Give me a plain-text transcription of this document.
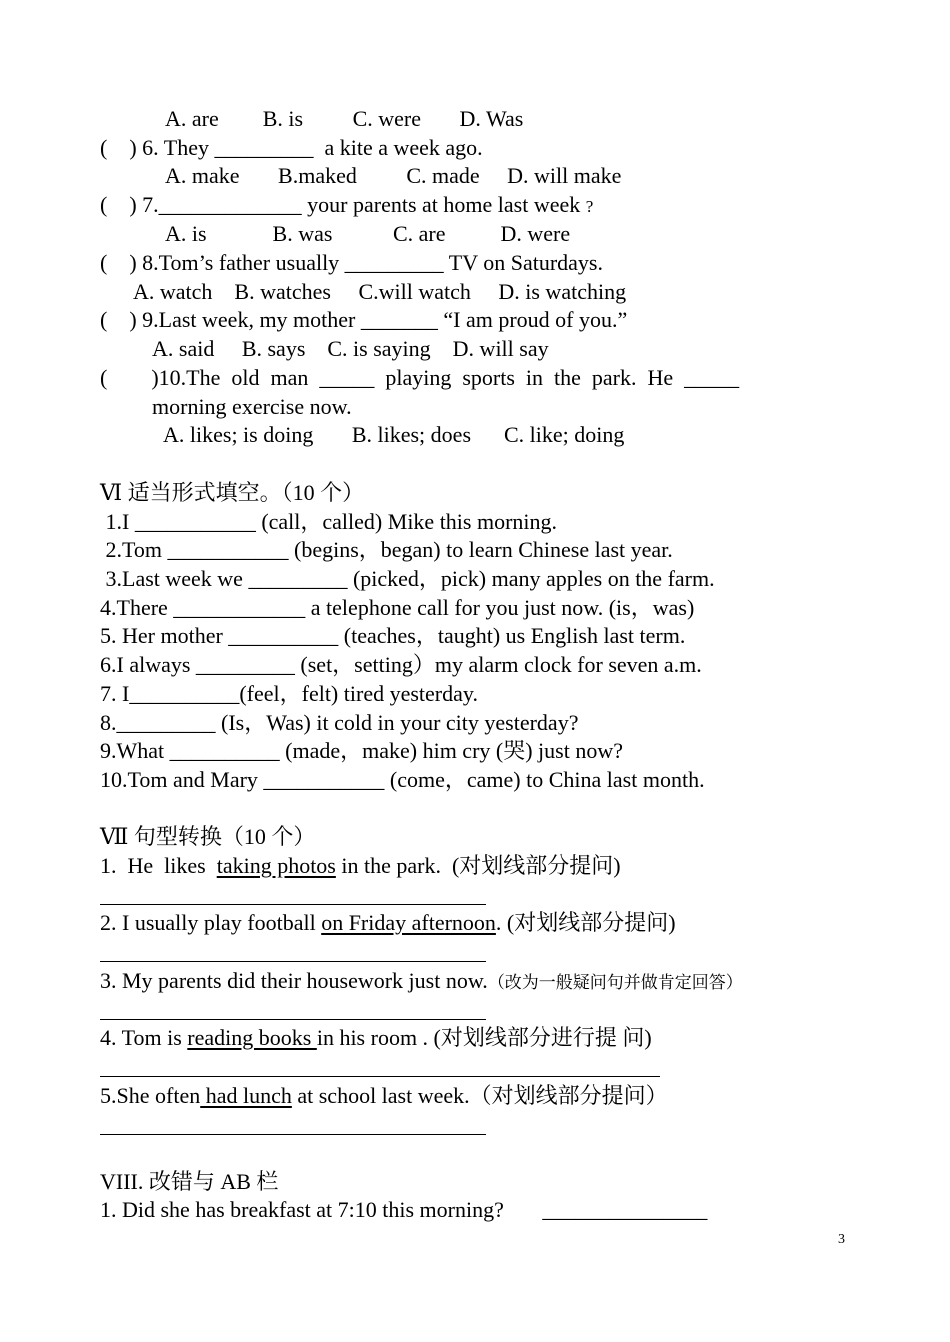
A. are        B. is         C. were       D. Was
(    ) 6. They _________  a kite a week ago.
A. make       B.maked         C. made     D. will make
(    ) 7._____________ your parents at home last week ?
A. is            B. was           C. are          D. were
(    ) 8.Tom’s father usually _________ TV on Saturdays.
A. watch    B. watches     C.will watch     D. is watching
(    ) 9.Last week, my mother _______ “I am proud of you.”
A. said     B. says    C. is saying    D. will say
(        )10.The  old  man  _____  playing  sports  in  the  park.  He  _____
morning exercise now.
A. likes; is doing       B. likes; does      C. like; doing
Ⅵ 适当形式填空。（10 个）
1.I ___________ (call，called) Mike this morning.
2.Tom ___________ (begins，began) to learn Chinese last year.
3.Last week we _________ (picked，pick) many apples on the farm.
4.There ____________ a telephone call for you just now. (is，was)
5. Her mother __________ (teaches，taught) us English last term.
6.I always _________ (set，setting）my alarm clock for seven a.m.
7. I__________(feel，felt) tired yesterday.
8._________ (Is，Was) it cold in your city yesterday?
9.What __________ (made，make) him cry (哭) just now?
10.Tom and Mary ___________ (come，came) to China last month.
Ⅶ 句型转换（10 个）
1.  He  likes  taking photos in the park.  (对划线部分提问)
2. I usually play football on Friday afternoon. (对划线部分提问)
3. My parents did their housework just now.（改为一般疑问句并做肯定回答）
4. Tom is reading books in his room . (对划线部分进行提 问)
5.She often had lunch at school last week.（对划线部分提问）
VIII. 改错与 AB 栏
1. Did she has breakfast at 7:10 this morning?       _______________
3
